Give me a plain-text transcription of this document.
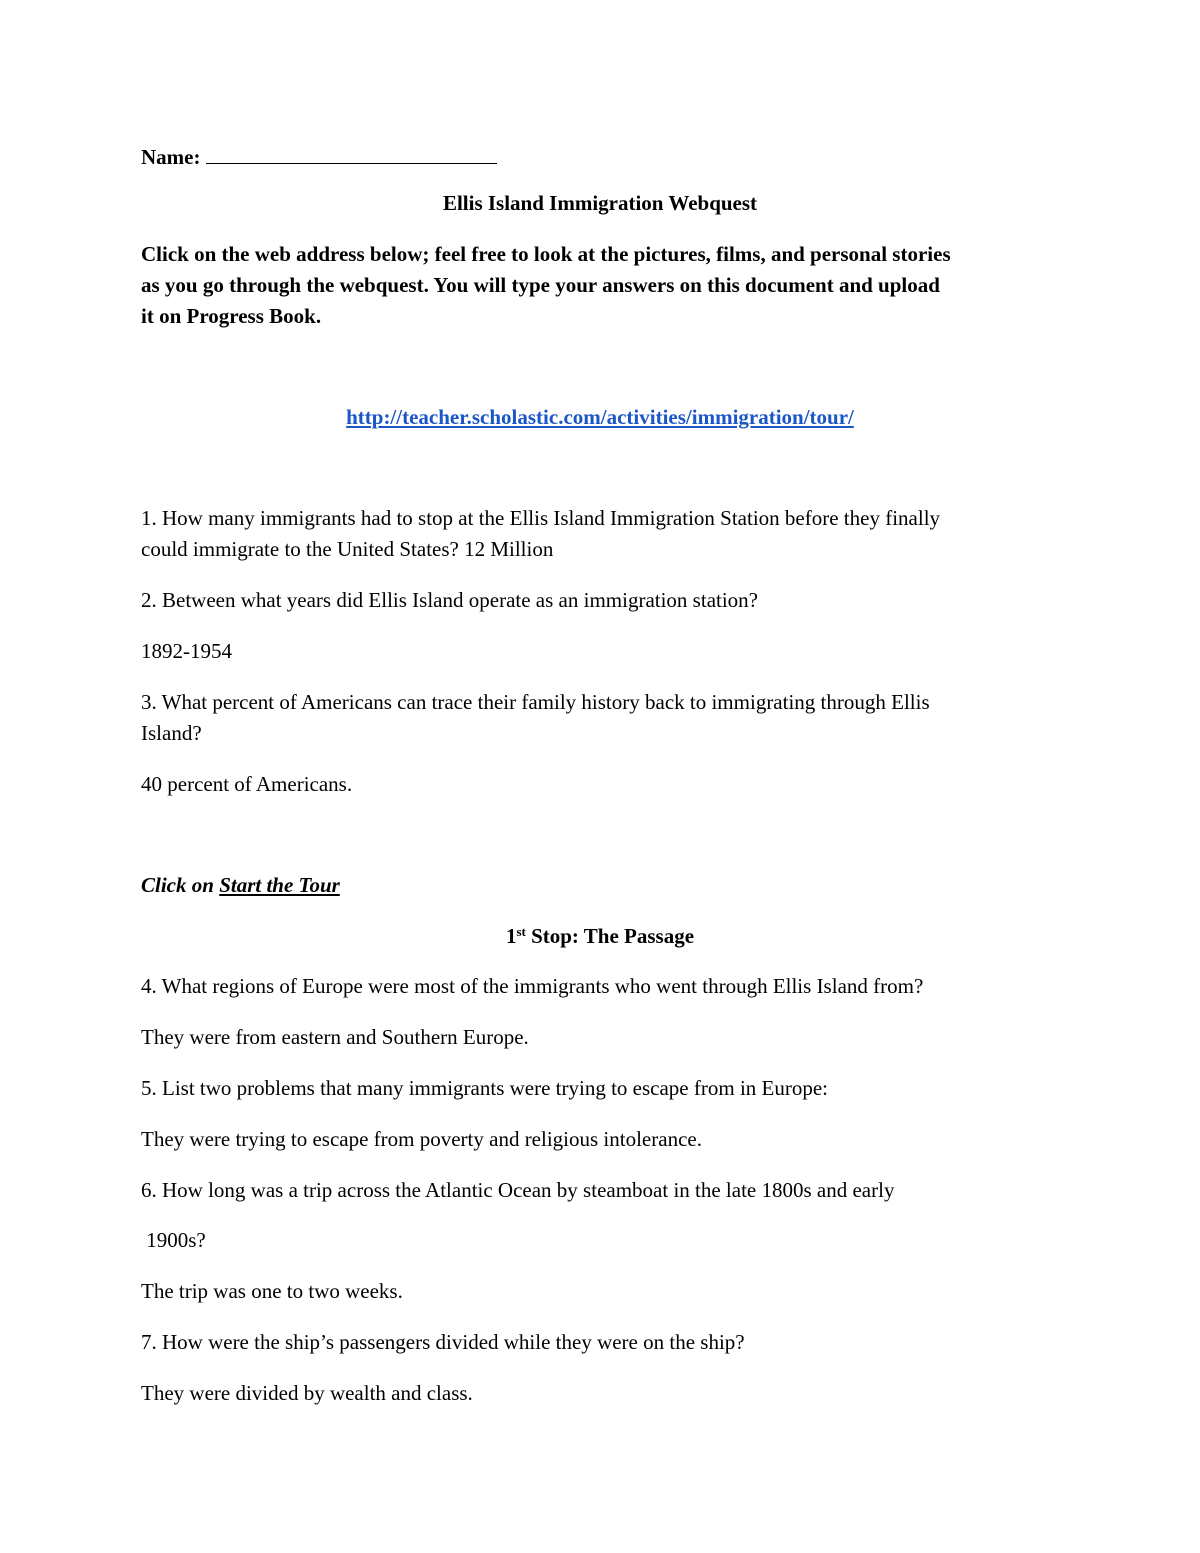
Name:
Ellis Island Immigration Webquest
Click on the web address below; feel free to look at the pictures, films, and personal stories
as you go through the webquest. You will type your answers on this document and upload
it on Progress Book.
http://teacher.scholastic.com/activities/immigration/tour/
1. How many immigrants had to stop at the Ellis Island Immigration Station before they finally
could immigrate to the United States? 12 Million
2. Between what years did Ellis Island operate as an immigration station?
1892-1954
3. What percent of Americans can trace their family history back to immigrating through Ellis
Island?
40 percent of Americans.
Click on Start the Tour
1st Stop: The Passage
4. What regions of Europe were most of the immigrants who went through Ellis Island from?
They were from eastern and Southern Europe.
5. List two problems that many immigrants were trying to escape from in Europe:
They were trying to escape from poverty and religious intolerance.
6. How long was a trip across the Atlantic Ocean by steamboat in the late 1800s and early
1900s?
The trip was one to two weeks.
7. How were the ship’s passengers divided while they were on the ship?
They were divided by wealth and class.
